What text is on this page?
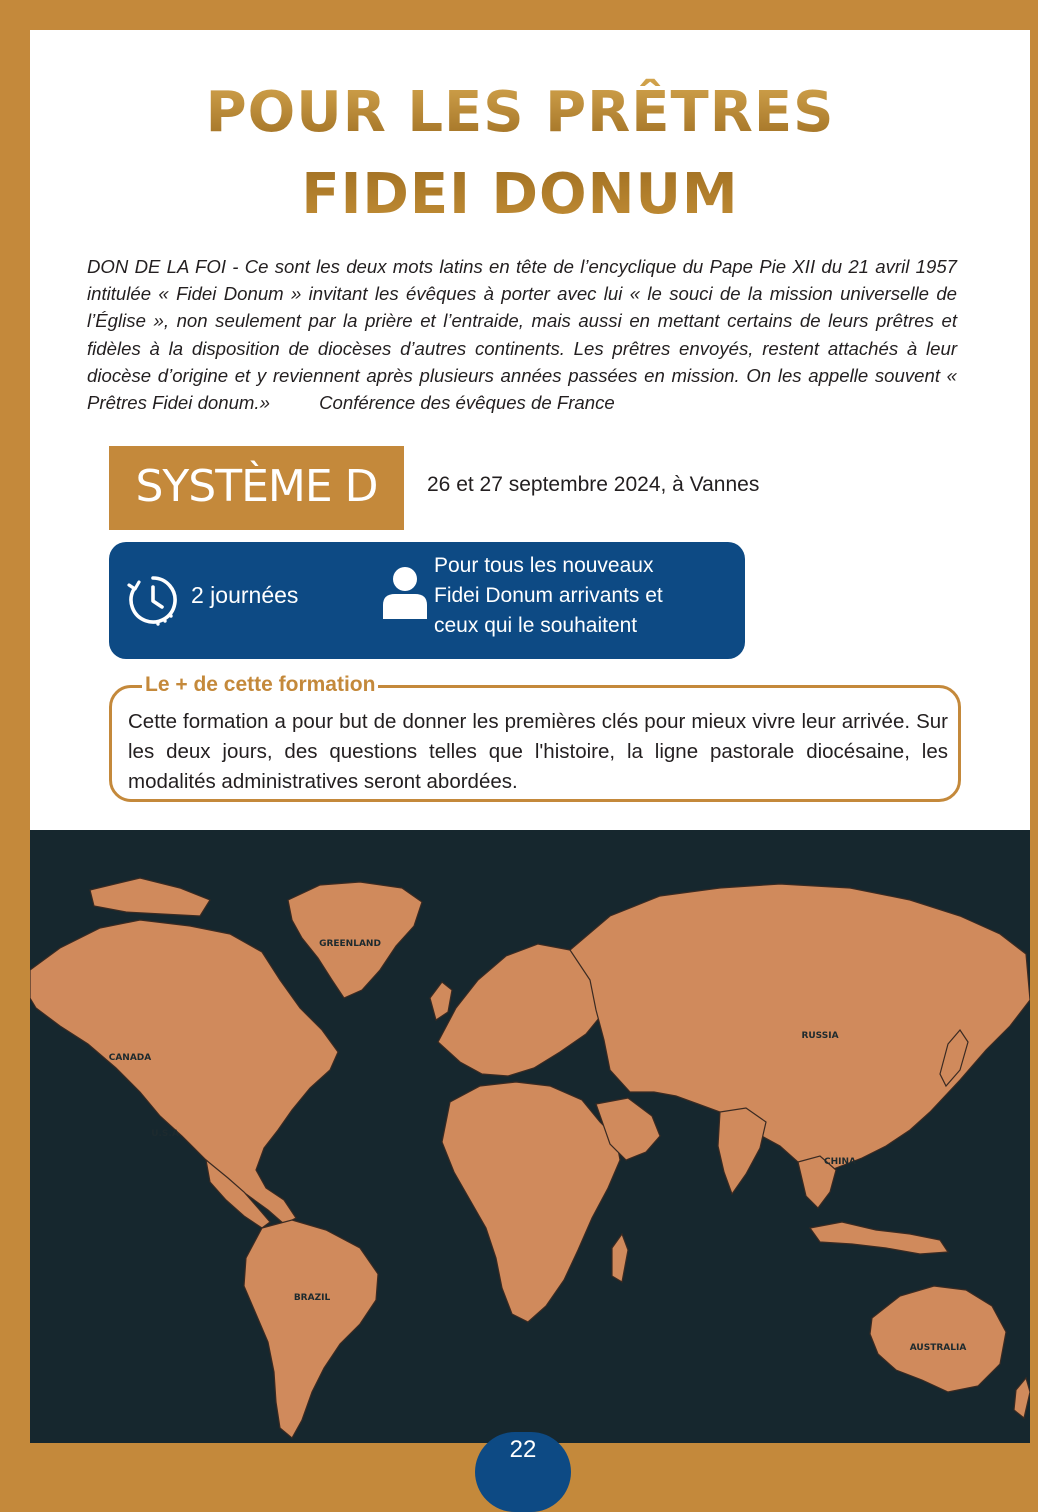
POUR LES PRÊTRES
FIDEI DONUM
DON DE LA FOI - Ce sont les deux mots latins en tête de l’encyclique du Pape Pie XII du 21 avril 1957 intitulée « Fidei Donum » invitant les évêques à porter avec lui « le souci de la mission universelle de l’Église », non seulement par la prière et l’entraide, mais aussi en mettant certains de leurs prêtres et fidèles à la disposition de diocèses d’autres continents. Les prêtres envoyés, restent attachés à leur diocèse d’origine et y reviennent après plusieurs années passées en mission. On les appelle souvent « Prêtres Fidei donum.»	Conférence des évêques de France
SYSTÈME D	26 et 27 septembre 2024, à Vannes
2 journées
Pour tous les nouveaux
Fidei Donum arrivants et
ceux qui le souhaitent
Le + de cette formation
Cette formation a pour but de donner les premières clés pour mieux vivre leur arrivée. Sur les deux jours, des questions telles que l'histoire, la ligne pastorale diocésaine, les modalités administratives seront abordées.
GREENLAND
CANADA
U.S.A
RUSSIA
CHINA
BRAZIL
AUSTRALIA
22
